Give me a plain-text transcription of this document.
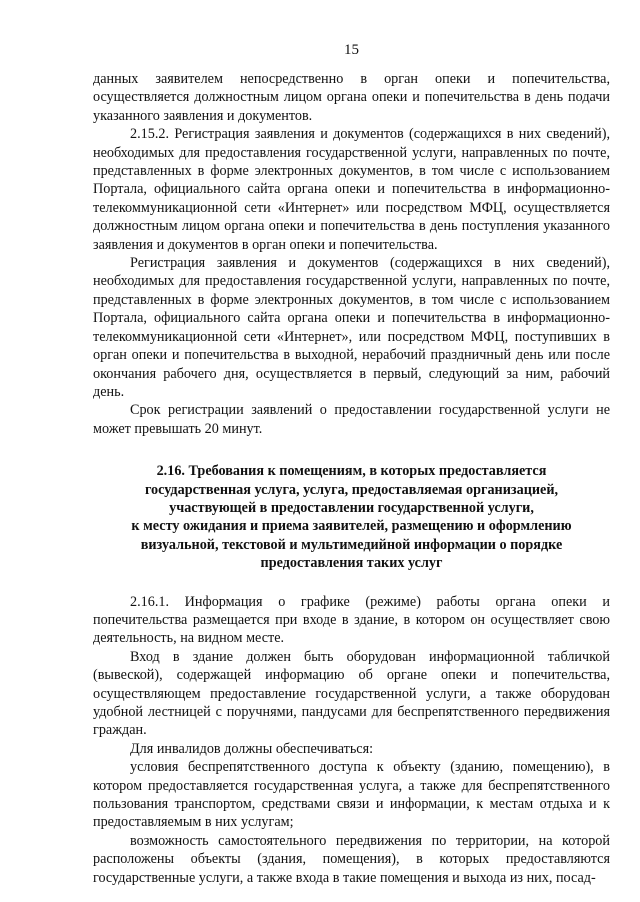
15

данных заявителем непосредственно в орган опеки и попечительства, осуществляется должностным лицом органа опеки и попечительства в день подачи указанного заявления и документов.

2.15.2. Регистрация заявления и документов (содержащихся в них сведений), необходимых для предоставления государственной услуги, направленных по почте, представленных в форме электронных документов, в том числе с использованием Портала, официального сайта органа опеки и попечительства в информационно-телекоммуникационной сети «Интернет» или посредством МФЦ, осуществляется должностным лицом органа опеки и попечительства в день поступления указанного заявления и документов в орган опеки и попечительства.

Регистрация заявления и документов (содержащихся в них сведений), необходимых для предоставления государственной услуги, направленных по почте, представленных в форме электронных документов, в том числе с использованием Портала, официального сайта органа опеки и попечительства в информационно-телекоммуникационной сети «Интернет», или посредством МФЦ, поступивших в орган опеки и попечительства в выходной, нерабочий праздничный день или после окончания рабочего дня, осуществляется в первый, следующий за ним, рабочий день.

Срок регистрации заявлений о предоставлении государственной услуги не может превышать 20 минут.

2.16. Требования к помещениям, в которых предоставляется
государственная услуга, услуга, предоставляемая организацией,
участвующей в предоставлении государственной услуги,
к месту ожидания и приема заявителей, размещению и оформлению
визуальной, текстовой и мультимедийной информации о порядке
предоставления таких услуг

2.16.1. Информация о графике (режиме) работы органа опеки и попечительства размещается при входе в здание, в котором он осуществляет свою деятельность, на видном месте.

Вход в здание должен быть оборудован информационной табличкой (вывеской), содержащей информацию об органе опеки и попечительства, осуществляющем предоставление государственной услуги, а также оборудован удобной лестницей с поручнями, пандусами для беспрепятственного передвижения граждан.

Для инвалидов должны обеспечиваться:

условия беспрепятственного доступа к объекту (зданию, помещению), в котором предоставляется государственная услуга, а также для беспрепятственного пользования транспортом, средствами связи и информации, к местам отдыха и к предоставляемым в них услугам;

возможность самостоятельного передвижения по территории, на которой расположены объекты (здания, помещения), в которых предоставляются государственные услуги, а также входа в такие помещения и выхода из них, посад-
